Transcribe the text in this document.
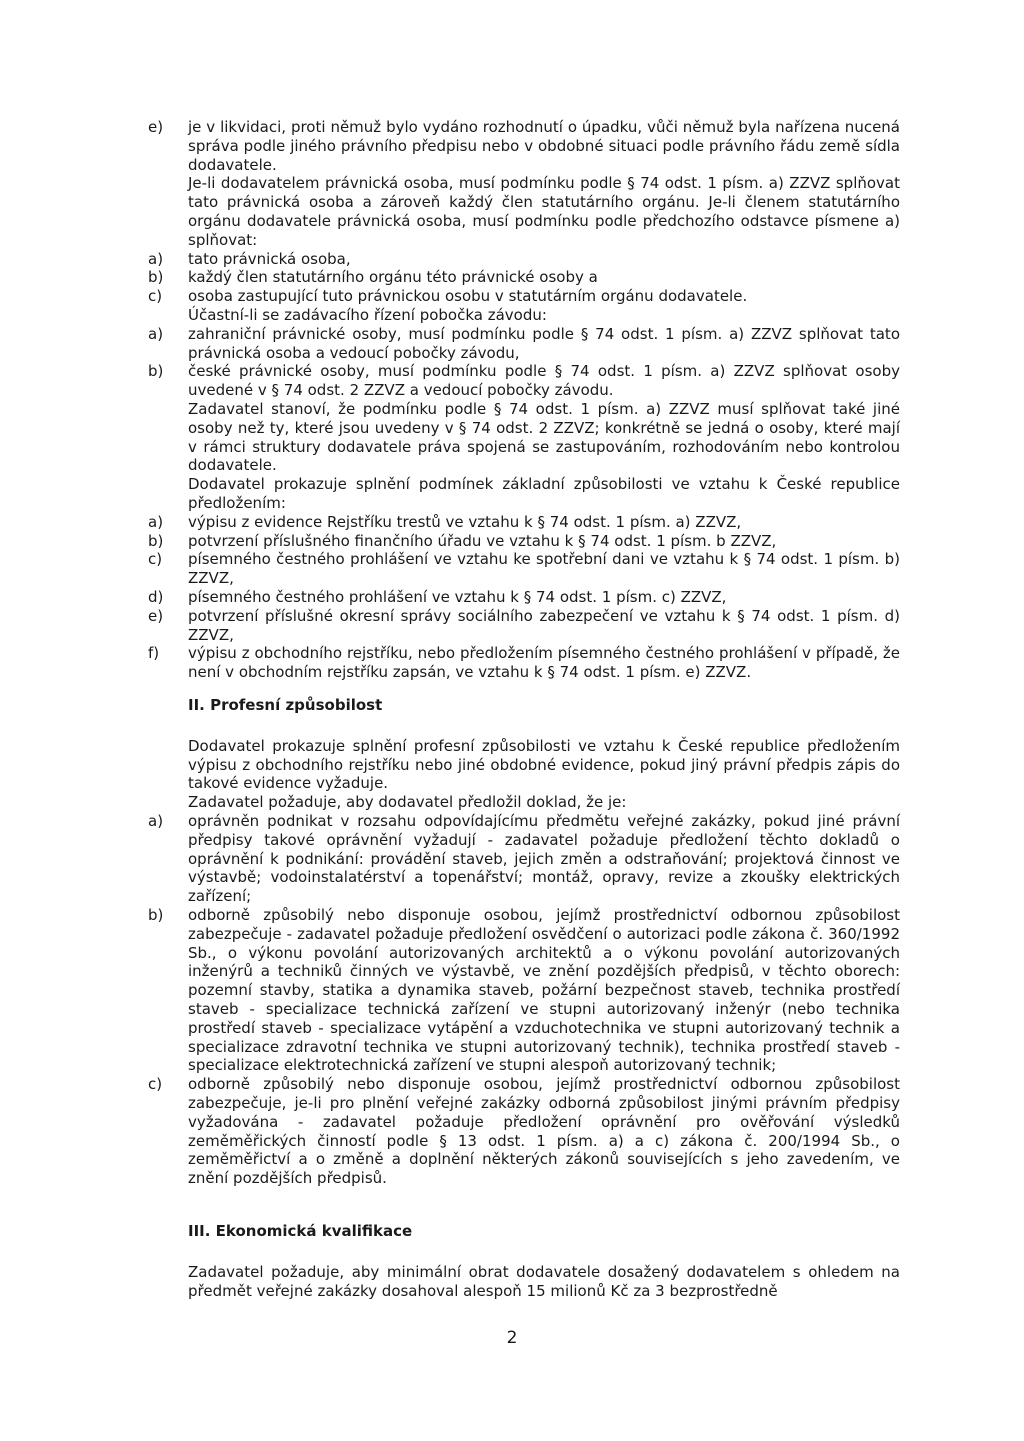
e)	je v likvidaci, proti němuž bylo vydáno rozhodnutí o úpadku, vůči němuž byla nařízena nucená správa podle jiného právního předpisu nebo v obdobné situaci podle právního řádu země sídla dodavatele.
Je-li dodavatelem právnická osoba, musí podmínku podle § 74 odst. 1 písm. a) ZZVZ splňovat tato právnická osoba a zároveň každý člen statutárního orgánu. Je-li členem statutárního orgánu dodavatele právnická osoba, musí podmínku podle předchozího odstavce písmene a) splňovat:
a)	tato právnická osoba,
b)	každý člen statutárního orgánu této právnické osoby a
c)	osoba zastupující tuto právnickou osobu v statutárním orgánu dodavatele.
Účastní-li se zadávacího řízení pobočka závodu:
a)	zahraniční právnické osoby, musí podmínku podle § 74 odst. 1 písm. a) ZZVZ splňovat tato právnická osoba a vedoucí pobočky závodu,
b)	české právnické osoby, musí podmínku podle § 74 odst. 1 písm. a) ZZVZ splňovat osoby uvedené v § 74 odst. 2 ZZVZ a vedoucí pobočky závodu.
Zadavatel stanoví, že podmínku podle § 74 odst. 1 písm. a) ZZVZ musí splňovat také jiné osoby než ty, které jsou uvedeny v § 74 odst. 2 ZZVZ; konkrétně se jedná o osoby, které mají v rámci struktury dodavatele práva spojená se zastupováním, rozhodováním nebo kontrolou dodavatele.
Dodavatel prokazuje splnění podmínek základní způsobilosti ve vztahu k České republice předložením:
a)	výpisu z evidence Rejstříku trestů ve vztahu k § 74 odst. 1 písm. a) ZZVZ,
b)	potvrzení příslušného finančního úřadu ve vztahu k § 74 odst. 1 písm. b ZZVZ,
c)	písemného čestného prohlášení ve vztahu ke spotřební dani ve vztahu k § 74 odst. 1 písm. b) ZZVZ,
d)	písemného čestného prohlášení ve vztahu k § 74 odst. 1 písm. c) ZZVZ,
e)	potvrzení příslušné okresní správy sociálního zabezpečení ve vztahu k § 74 odst. 1 písm. d) ZZVZ,
f)	výpisu z obchodního rejstříku, nebo předložením písemného čestného prohlášení v případě, že není v obchodním rejstříku zapsán, ve vztahu k § 74 odst. 1 písm. e) ZZVZ.
II. Profesní způsobilost
Dodavatel prokazuje splnění profesní způsobilosti ve vztahu k České republice předložením výpisu z obchodního rejstříku nebo jiné obdobné evidence, pokud jiný právní předpis zápis do takové evidence vyžaduje.
Zadavatel požaduje, aby dodavatel předložil doklad, že je:
a)	oprávněn podnikat v rozsahu odpovídajícímu předmětu veřejné zakázky, pokud jiné právní předpisy takové oprávnění vyžadují - zadavatel požaduje předložení těchto dokladů o oprávnění k podnikání: provádění staveb, jejich změn a odstraňování; projektová činnost ve výstavbě; vodoinstalatérství a topenářství; montáž, opravy, revize a zkoušky elektrických zařízení;
b)	odborně způsobilý nebo disponuje osobou, jejímž prostřednictví odbornou způsobilost zabezpečuje - zadavatel požaduje předložení osvědčení o autorizaci podle zákona č. 360/1992 Sb., o výkonu povolání autorizovaných architektů a o výkonu povolání autorizovaných inženýrů a techniků činných ve výstavbě, ve znění pozdějších předpisů, v těchto oborech: pozemní stavby, statika a dynamika staveb, požární bezpečnost staveb, technika prostředí staveb - specializace technická zařízení ve stupni autorizovaný inženýr (nebo technika prostředí staveb - specializace vytápění a vzduchotechnika ve stupni autorizovaný technik a specializace zdravotní technika ve stupni autorizovaný technik), technika prostředí staveb - specializace elektrotechnická zařízení ve stupni alespoň autorizovaný technik;
c)	odborně způsobilý nebo disponuje osobou, jejímž prostřednictví odbornou způsobilost zabezpečuje, je-li pro plnění veřejné zakázky odborná způsobilost jinými právním předpisy vyžadována - zadavatel požaduje předložení oprávnění pro ověřování výsledků zeměměřických činností podle § 13 odst. 1 písm. a) a c) zákona č. 200/1994 Sb., o zeměměřictví a o změně a doplnění některých zákonů souvisejících s jeho zavedením, ve znění pozdějších předpisů.
III. Ekonomická kvalifikace
Zadavatel požaduje, aby minimální obrat dodavatele dosažený dodavatelem s ohledem na předmět veřejné zakázky dosahoval alespoň 15 milionů Kč za 3 bezprostředně
2
